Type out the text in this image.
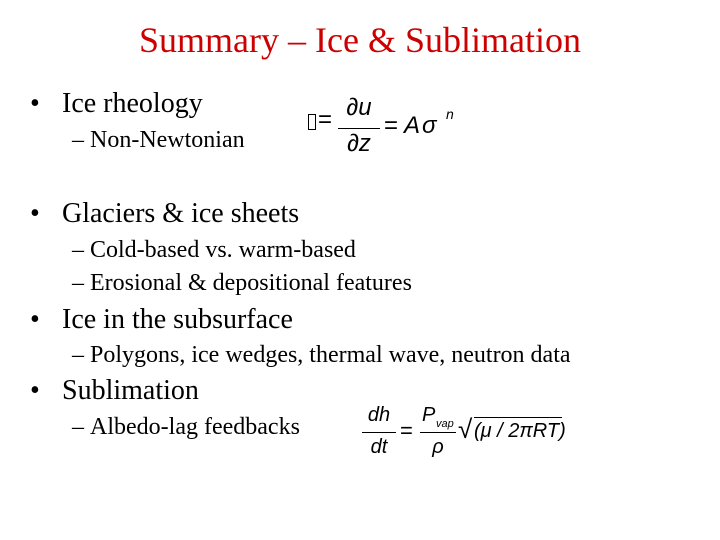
Summary – Ice & Sublimation
• Ice rheology
– Non-Newtonian

= ∂u
∂z
= A σ n
• Glaciers & ice sheets
– Cold-based vs. warm-based
– Erosional & depositional features
• Ice in the subsurface
– Polygons, ice wedges, thermal wave, neutron data
• Sublimation
– Albedo-lag feedbacks	dh
dt
=
P vap
ρ
√ (μ / 2πRT)
